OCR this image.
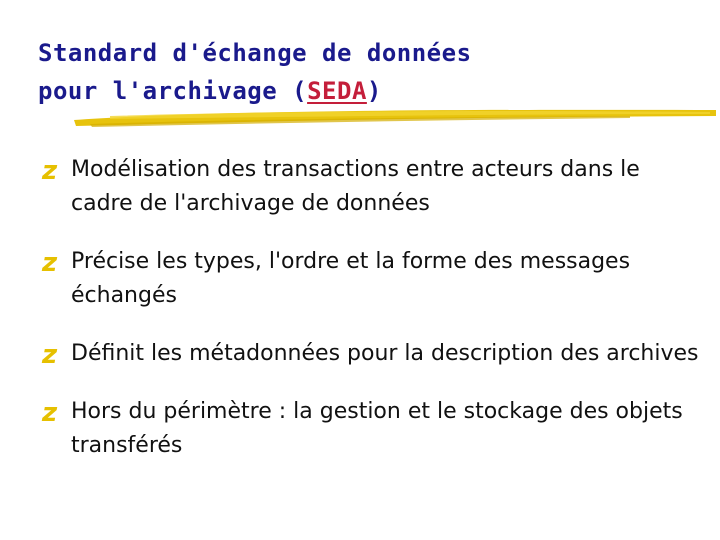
Standard d'échange de données
pour l'archivage (SEDA)
z Modélisation des transactions entre acteurs dans le cadre de l'archivage de données
z Précise les types, l'ordre et la forme des messages échangés
z Définit les métadonnées pour la description des archives
z Hors du périmètre : la gestion et le stockage des objets transférés
